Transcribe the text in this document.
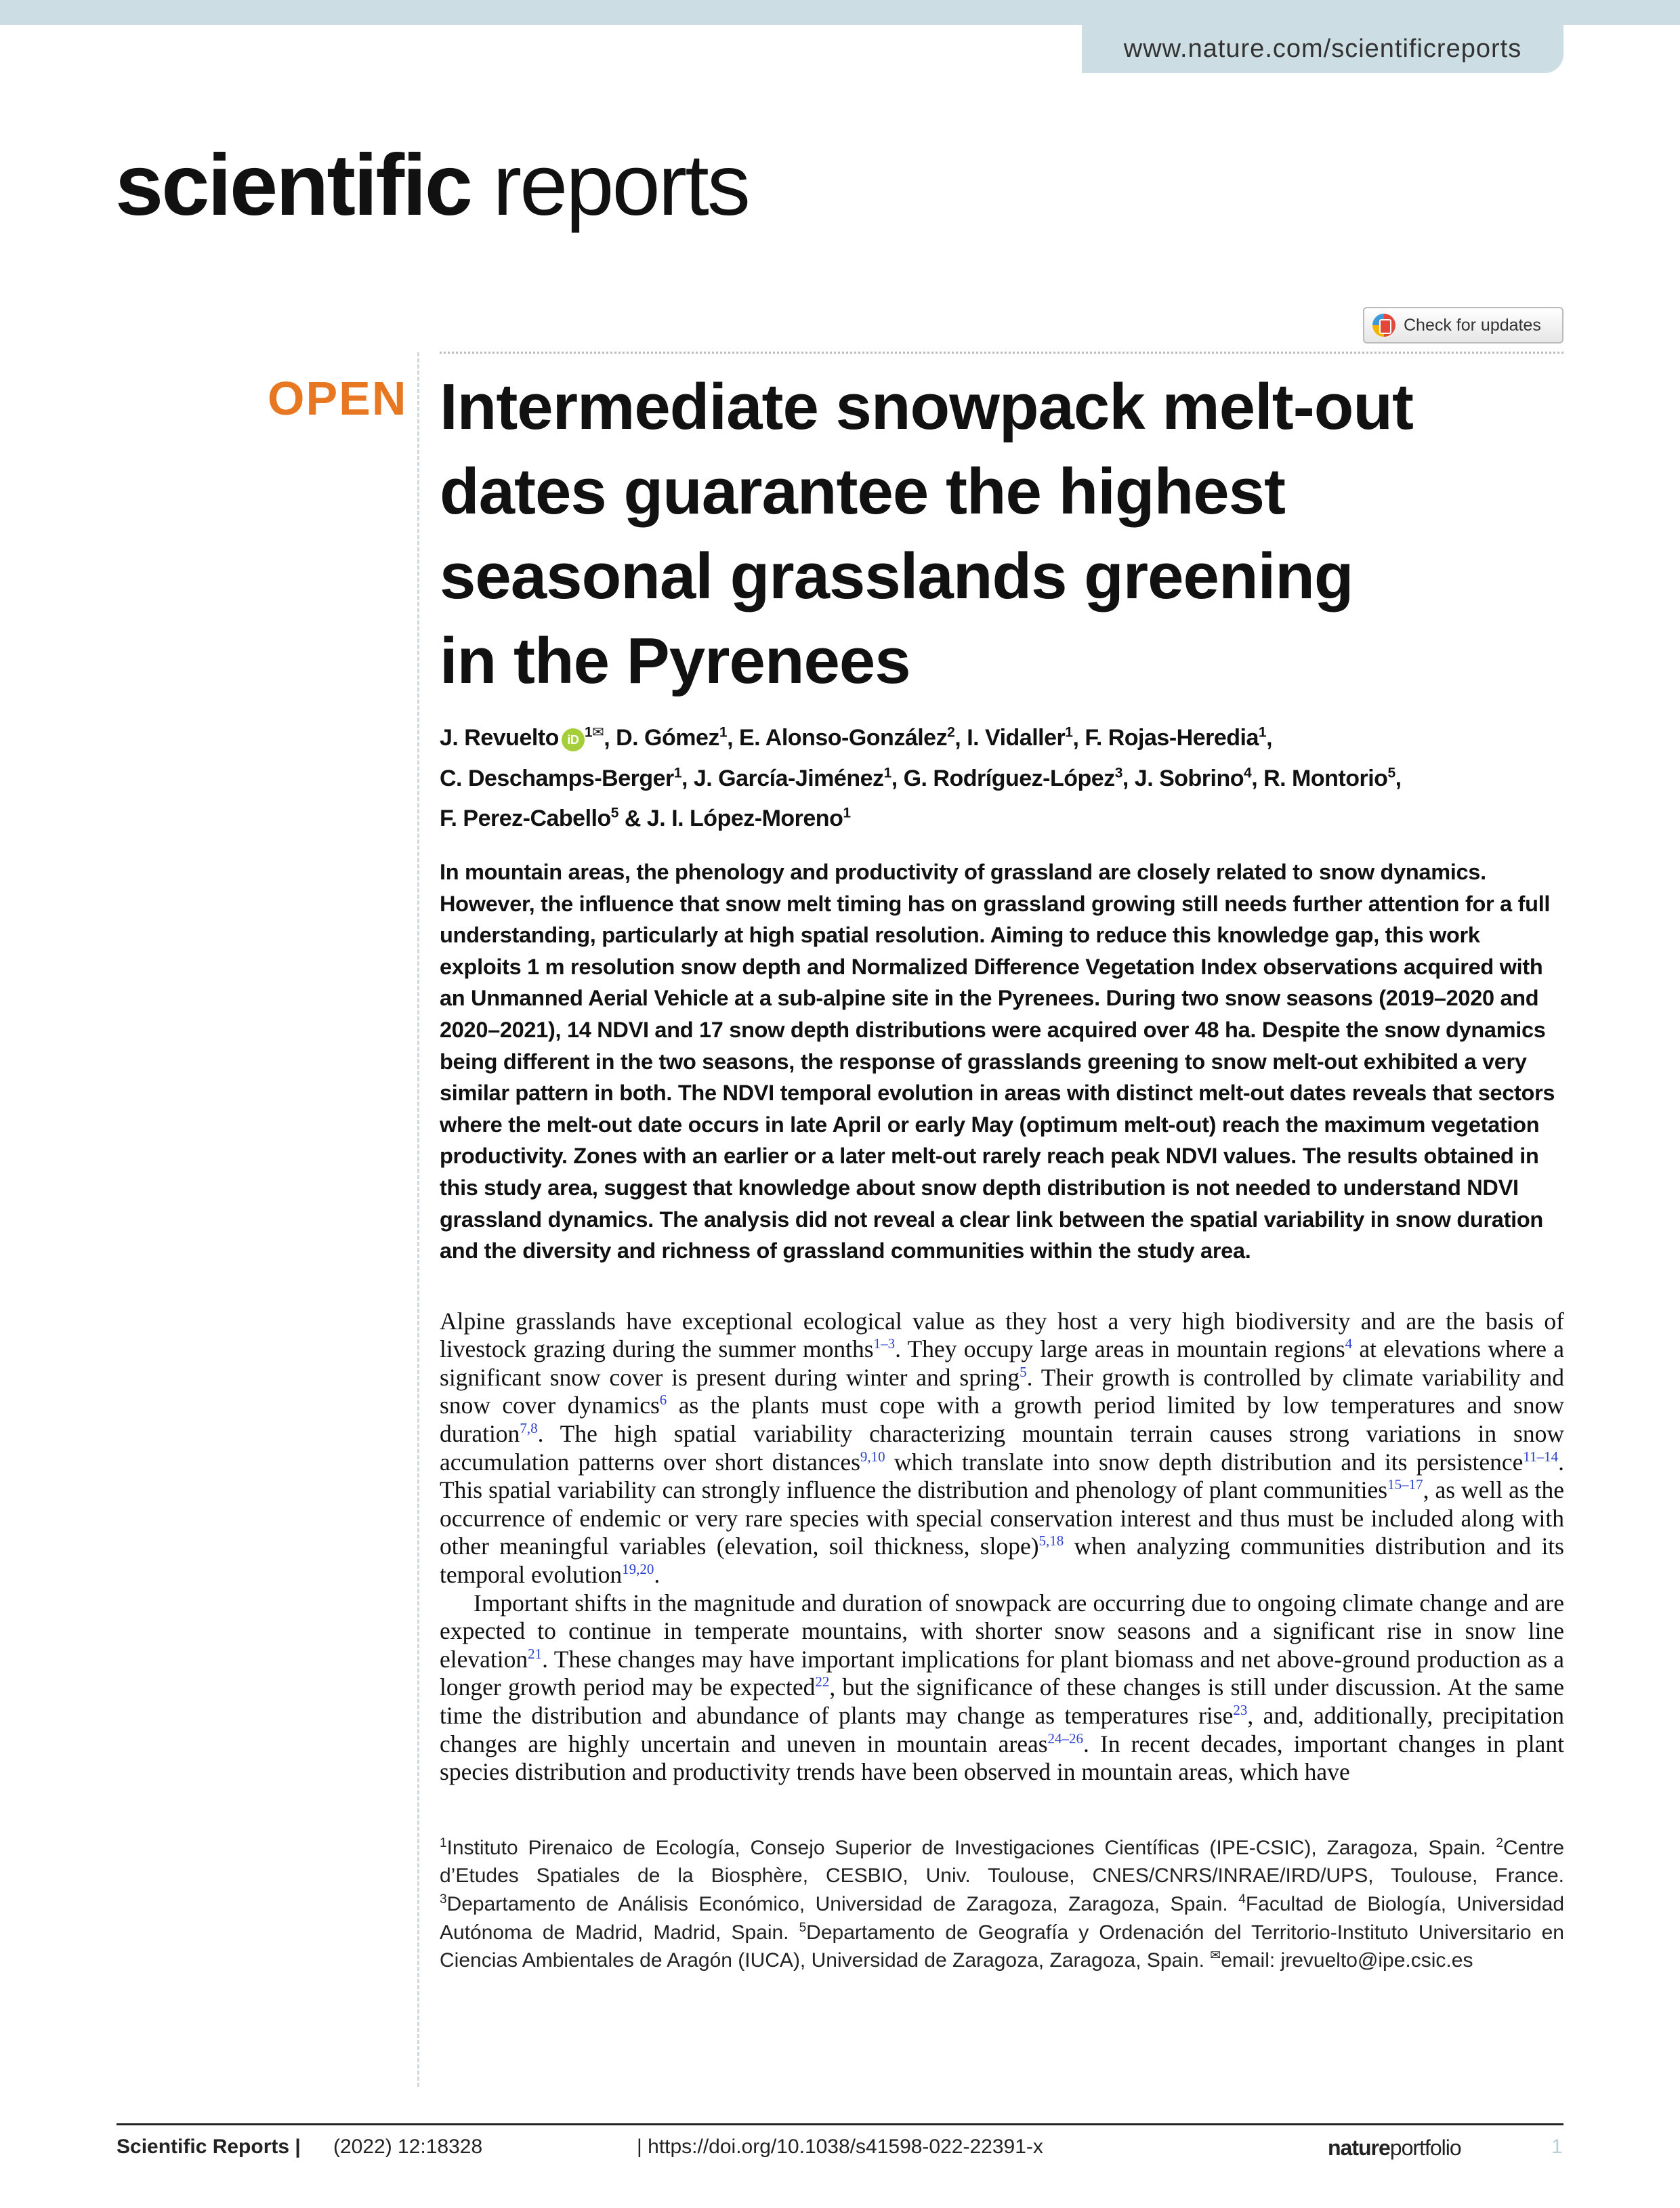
www.nature.com/scientificreports
scientific reports
Check for updates
OPEN Intermediate snowpack melt-out
dates guarantee the highest
seasonal grasslands greening
in the Pyrenees
J. Revuelto iD $^{1✉}$, D. Gómez$^1$, E. Alonso-González$^2$, I. Vidaller$^1$, F. Rojas-Heredia$^1$,
C. Deschamps-Berger$^1$, J. García-Jiménez$^1$, G. Rodríguez-López$^3$, J. Sobrino$^4$, R. Montorio$^5$,
F. Perez-Cabello$^5$ & J. I. López-Moreno$^1$
In mountain areas, the phenology and productivity of grassland are closely related to snow dynamics. However, the influence that snow melt timing has on grassland growing still needs further attention for a full understanding, particularly at high spatial resolution. Aiming to reduce this knowledge gap, this work exploits 1 m resolution snow depth and Normalized Difference Vegetation Index observations acquired with an Unmanned Aerial Vehicle at a sub-alpine site in the Pyrenees. During two snow seasons (2019–2020 and 2020–2021), 14 NDVI and 17 snow depth distributions were acquired over 48 ha. Despite the snow dynamics being different in the two seasons, the response of grasslands greening to snow melt-out exhibited a very similar pattern in both. The NDVI temporal evolution in areas with distinct melt-out dates reveals that sectors where the melt-out date occurs in late April or early May (optimum melt-out) reach the maximum vegetation productivity. Zones with an earlier or a later melt-out rarely reach peak NDVI values. The results obtained in this study area, suggest that knowledge about snow depth distribution is not needed to understand NDVI grassland dynamics. The analysis did not reveal a clear link between the spatial variability in snow duration and the diversity and richness of grassland communities within the study area.

Alpine grasslands have exceptional ecological value as they host a very high biodiversity and are the basis of livestock grazing during the summer months$^{1-3}$. They occupy large areas in mountain regions$^4$ at elevations where a significant snow cover is present during winter and spring$^5$. Their growth is controlled by climate variability and snow cover dynamics$^6$ as the plants must cope with a growth period limited by low temperatures and snow duration$^{7,8}$. The high spatial variability characterizing mountain terrain causes strong variations in snow accumulation patterns over short distances$^{9,10}$ which translate into snow depth distribution and its persistence$^{11-14}$. This spatial variability can strongly influence the distribution and phenology of plant communities$^{15-17}$, as well as the occurrence of endemic or very rare species with special conservation interest and thus must be included along with other meaningful variables (elevation, soil thickness, slope)$^{5,18}$ when analyzing communities distribution and its temporal evolution$^{19,20}$.

Important shifts in the magnitude and duration of snowpack are occurring due to ongoing climate change and are expected to continue in temperate mountains, with shorter snow seasons and a significant rise in snow line elevation$^{21}$. These changes may have important implications for plant biomass and net above-ground production as a longer growth period may be expected$^{22}$, but the significance of these changes is still under discussion. At the same time the distribution and abundance of plants may change as temperatures rise$^{23}$, and, additionally, precipitation changes are highly uncertain and uneven in mountain areas$^{24-26}$. In recent decades, important changes in plant species distribution and productivity trends have been observed in mountain areas, which have

$^1$Instituto Pirenaico de Ecología, Consejo Superior de Investigaciones Científicas (IPE-CSIC), Zaragoza, Spain. $^2$Centre d’Etudes Spatiales de la Biosphère, CESBIO, Univ. Toulouse, CNES/CNRS/INRAE/IRD/UPS, Toulouse, France. $^3$Departamento de Análisis Económico, Universidad de Zaragoza, Zaragoza, Spain. $^4$Facultad de Biología, Universidad Autónoma de Madrid, Madrid, Spain. $^5$Departamento de Geografía y Ordenación del Territorio-Instituto Universitario en Ciencias Ambientales de Aragón (IUCA), Universidad de Zaragoza, Zaragoza, Spain. ✉email: jrevuelto@ipe.csic.es
Scientific Reports | (2022) 12:18328	| https://doi.org/10.1038/s41598-022-22391-x	natureportfolio	1
